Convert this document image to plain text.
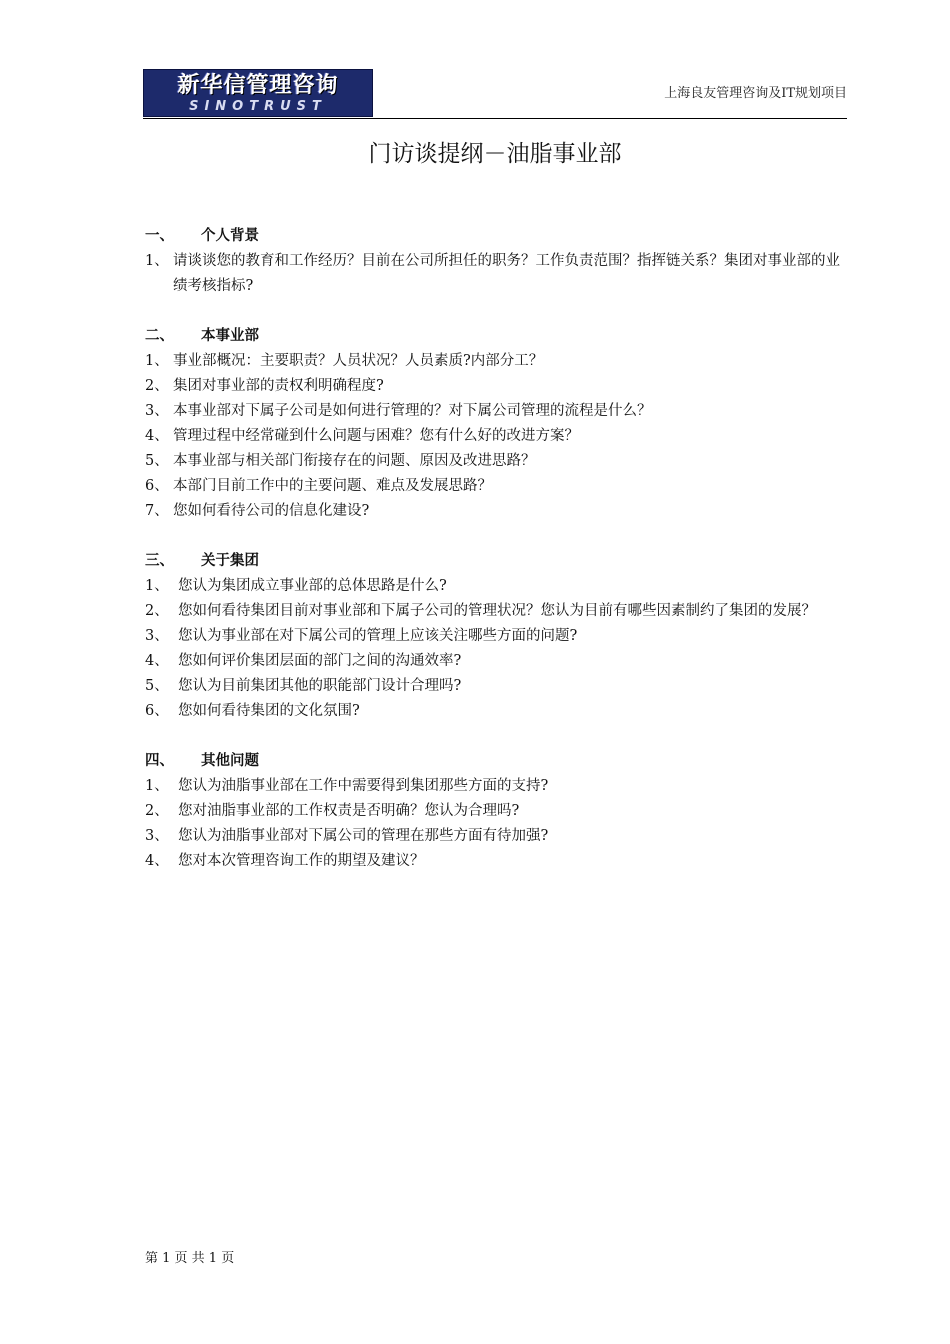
新华信管理咨询
SINOTRUST
上海良友管理咨询及IT规划项目
门访谈提纲－油脂事业部
一、 个人背景
1、 请谈谈您的教育和工作经历？目前在公司所担任的职务？工作负责范围？指挥链关系？集团对事业部的业绩考核指标?
二、 本事业部
1、 事业部概况：主要职责？人员状况？人员素质?内部分工？
2、 集团对事业部的责权利明确程度?
3、 本事业部对下属子公司是如何进行管理的？对下属公司管理的流程是什么？
4、 管理过程中经常碰到什么问题与困难？您有什么好的改进方案？
5、 本事业部与相关部门衔接存在的问题、原因及改进思路？
6、 本部门目前工作中的主要问题、难点及发展思路？
7、 您如何看待公司的信息化建设?
三、 关于集团
1、 您认为集团成立事业部的总体思路是什么?
2、 您如何看待集团目前对事业部和下属子公司的管理状况？您认为目前有哪些因素制约了集团的发展？
3、 您认为事业部在对下属公司的管理上应该关注哪些方面的问题?
4、 您如何评价集团层面的部门之间的沟通效率?
5、 您认为目前集团其他的职能部门设计合理吗?
6、 您如何看待集团的文化氛围?
四、 其他问题
1、 您认为油脂事业部在工作中需要得到集团那些方面的支持?
2、 您对油脂事业部的工作权责是否明确？您认为合理吗?
3、 您认为油脂事业部对下属公司的管理在那些方面有待加强?
4、 您对本次管理咨询工作的期望及建议？
第 1 页 共 1 页
